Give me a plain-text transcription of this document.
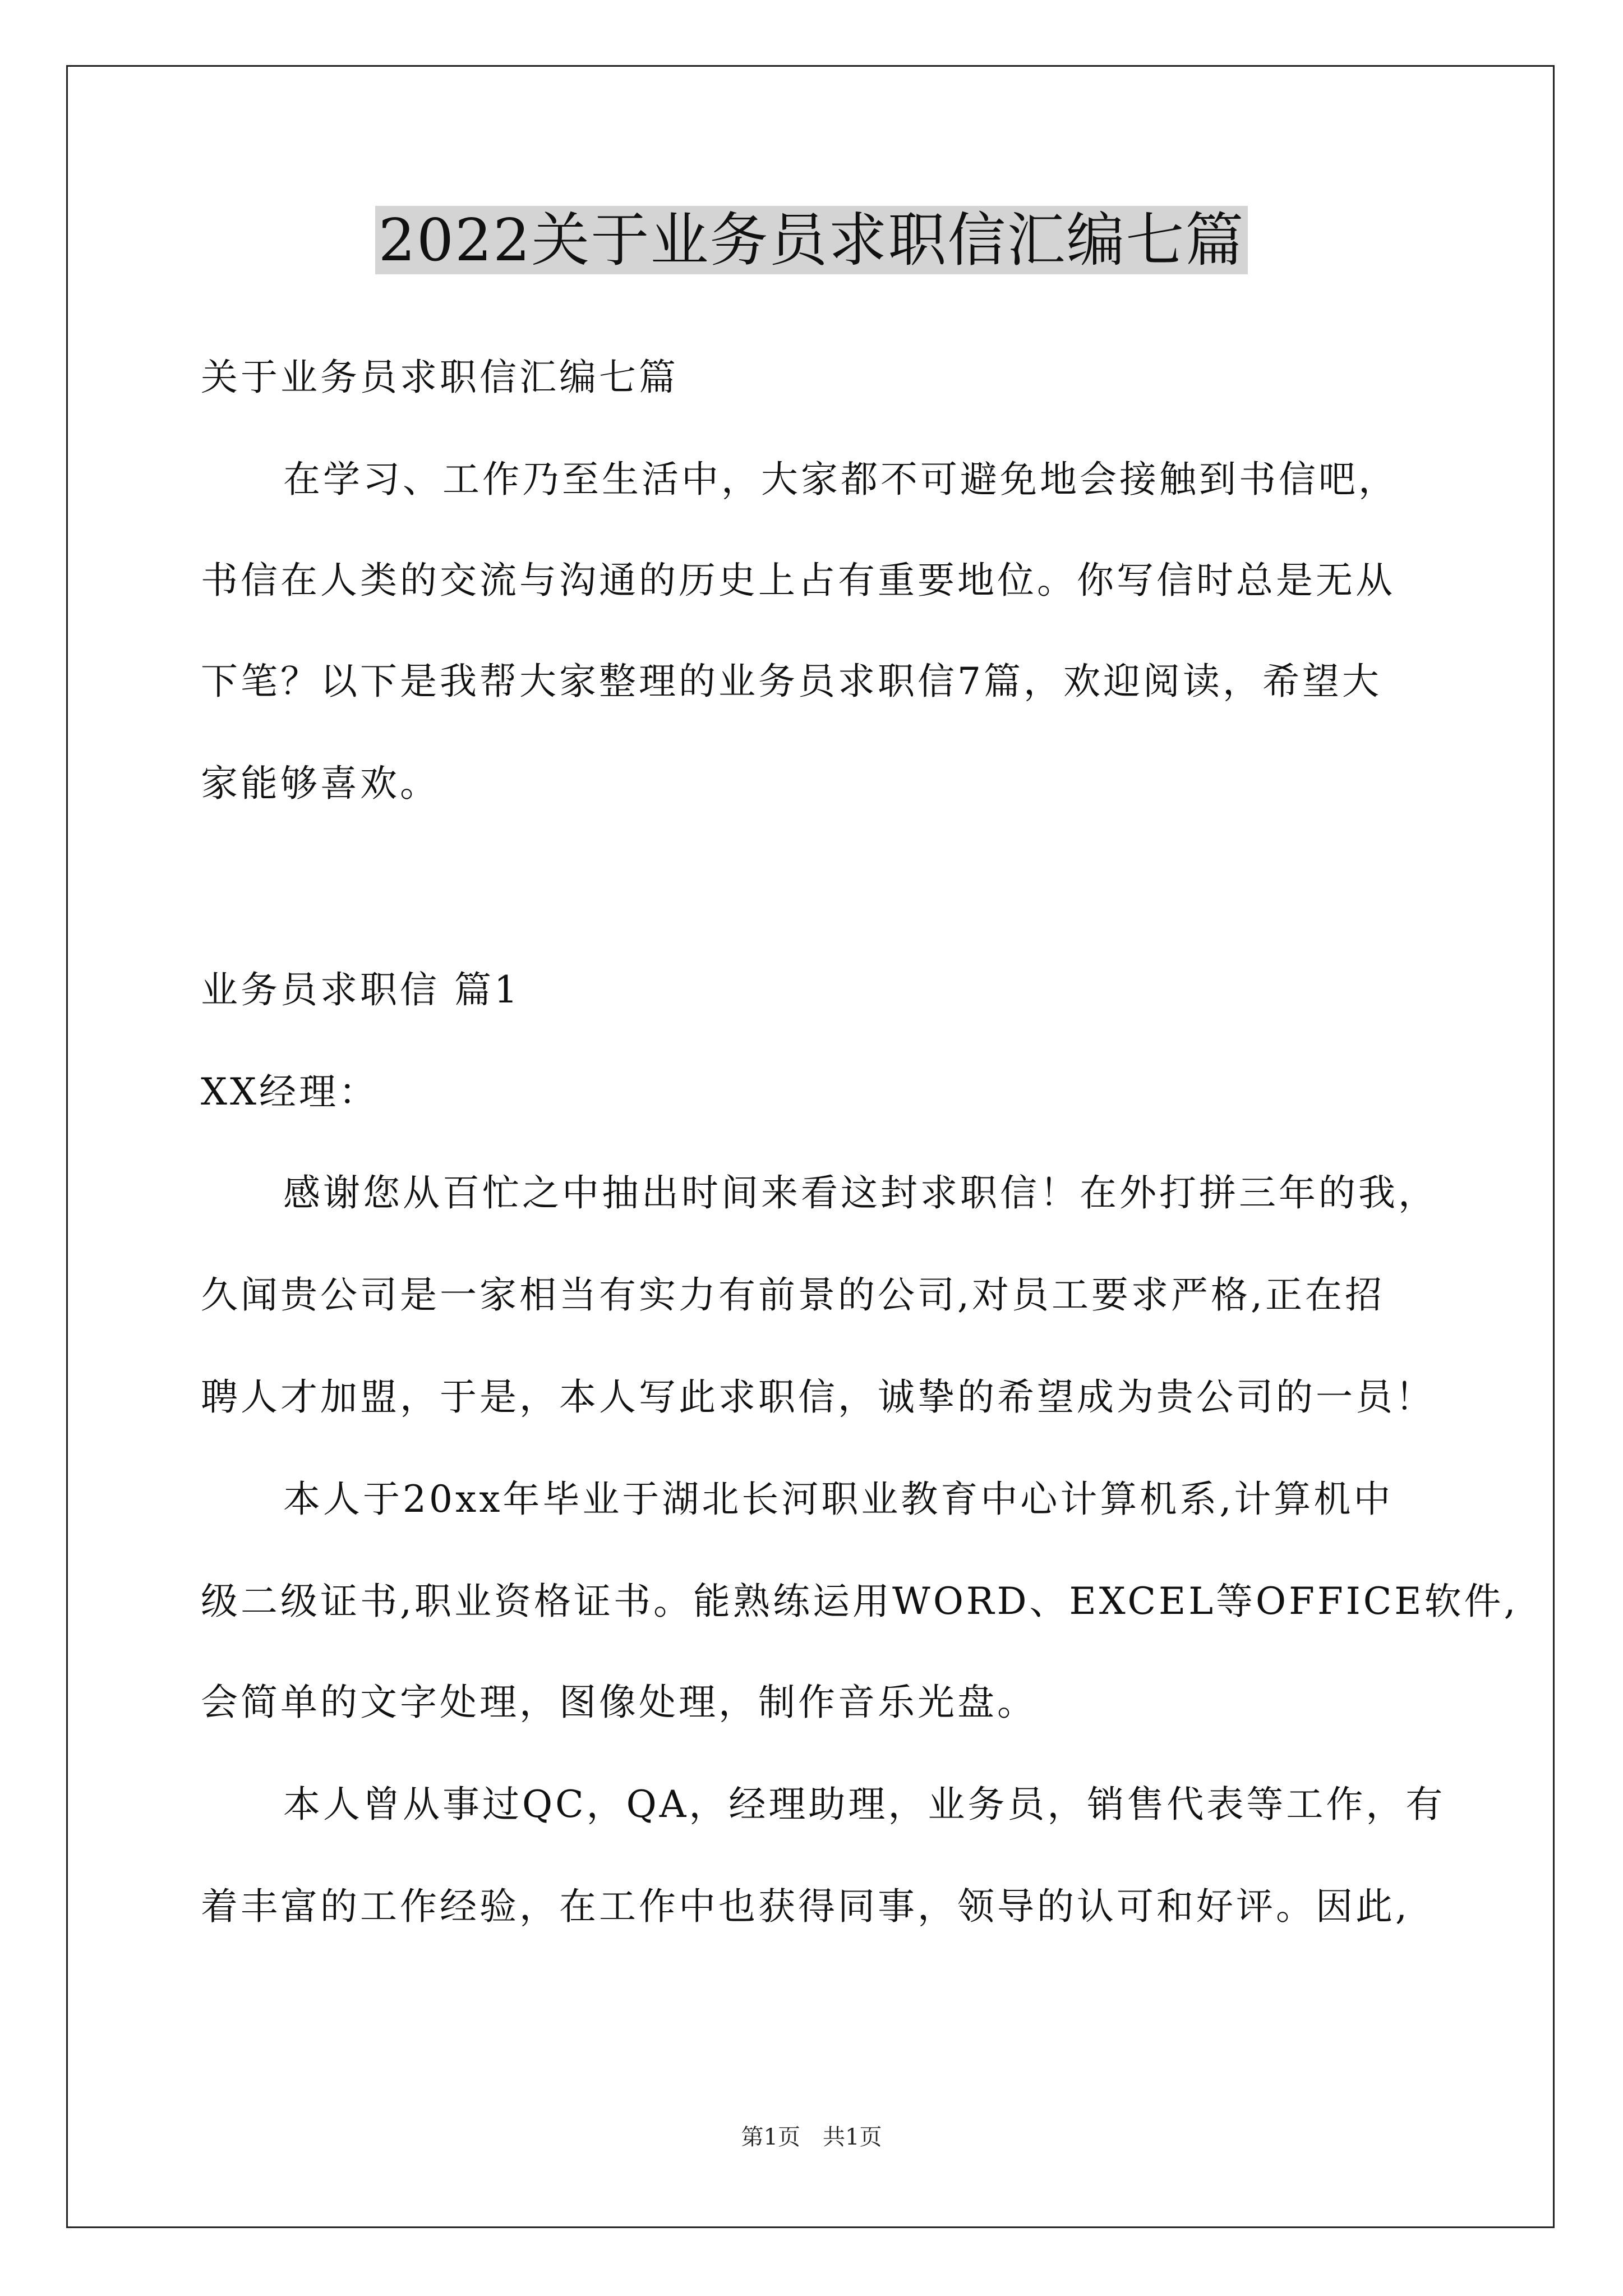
2022关于业务员求职信汇编七篇
关于业务员求职信汇编七篇
在学习、工作乃至生活中，大家都不可避免地会接触到书信吧，
书信在人类的交流与沟通的历史上占有重要地位。你写信时总是无从
下笔？以下是我帮大家整理的业务员求职信7篇，欢迎阅读，希望大
家能够喜欢。
业务员求职信 篇1
XX经理：
感谢您从百忙之中抽出时间来看这封求职信！在外打拼三年的我，
久闻贵公司是一家相当有实力有前景的公司,对员工要求严格,正在招
聘人才加盟，于是，本人写此求职信，诚挚的希望成为贵公司的一员！
本人于20xx年毕业于湖北长河职业教育中心计算机系,计算机中
级二级证书,职业资格证书。能熟练运用WORD、EXCEL等OFFICE软件,
会简单的文字处理，图像处理，制作音乐光盘。
本人曾从事过QC，QA，经理助理，业务员，销售代表等工作，有
着丰富的工作经验，在工作中也获得同事，领导的认可和好评。因此,
第1页　共1页
